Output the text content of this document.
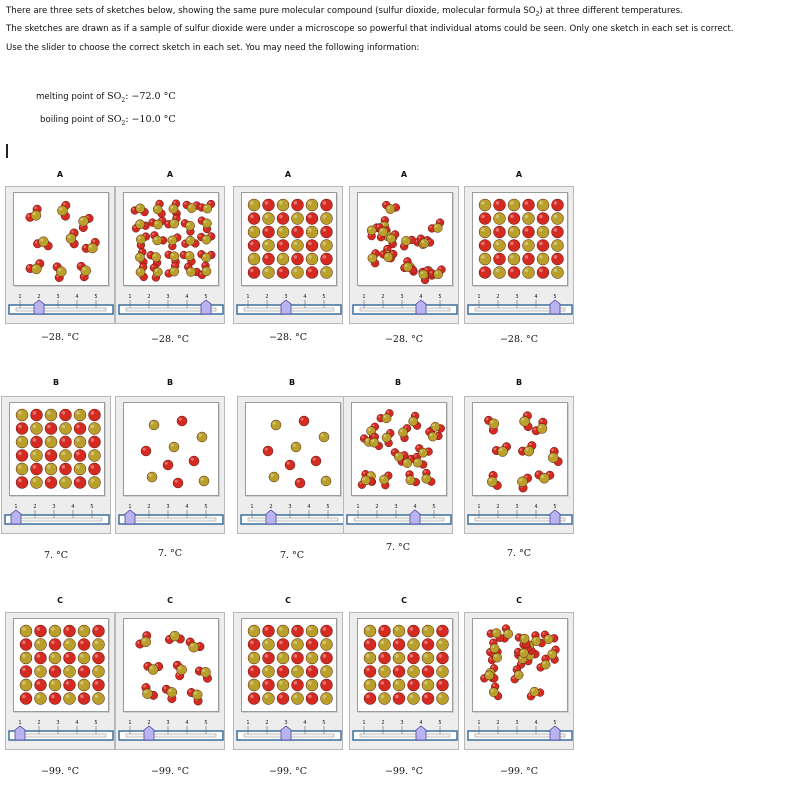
There are three sets of sketches below, showing the same pure molecular compound (sulfur dioxide, molecular formula $SO_2$) at three different temperatures.

The sketches are drawn as if a sample of sulfur dioxide were under a microscope so powerful that individual atoms could be seen. Only one sketch in each set is correct.

Use the slider to choose the correct sketch in each set. You may need the following information:

melting point of $SO_2$: −72.0 °C
boiling point of $SO_2$: −10.0 °C
A
1	2	3	4	5
−28. °C
A
1	2	3	4	5
−28. °C
A
1	2	3	4	5
−28. °C
A
1	2	3	4	5
−28. °C
A
1	2	3	4	5
−28. °C
B
1	2	3	4	5
7. °C
B
1	2	3	4	5
7. °C
B
1	2	3	4	5
7. °C
B
1	2	3	4	5
7. °C
B
1	2	3	4	5
7. °C
C
1	2	3	4	5
−99. °C
C
1	2	3	4	5
−99. °C
C
1	2	3	4	5
−99. °C
C
1	2	3	4	5
−99. °C
C
1	2	3	4	5
−99. °C
